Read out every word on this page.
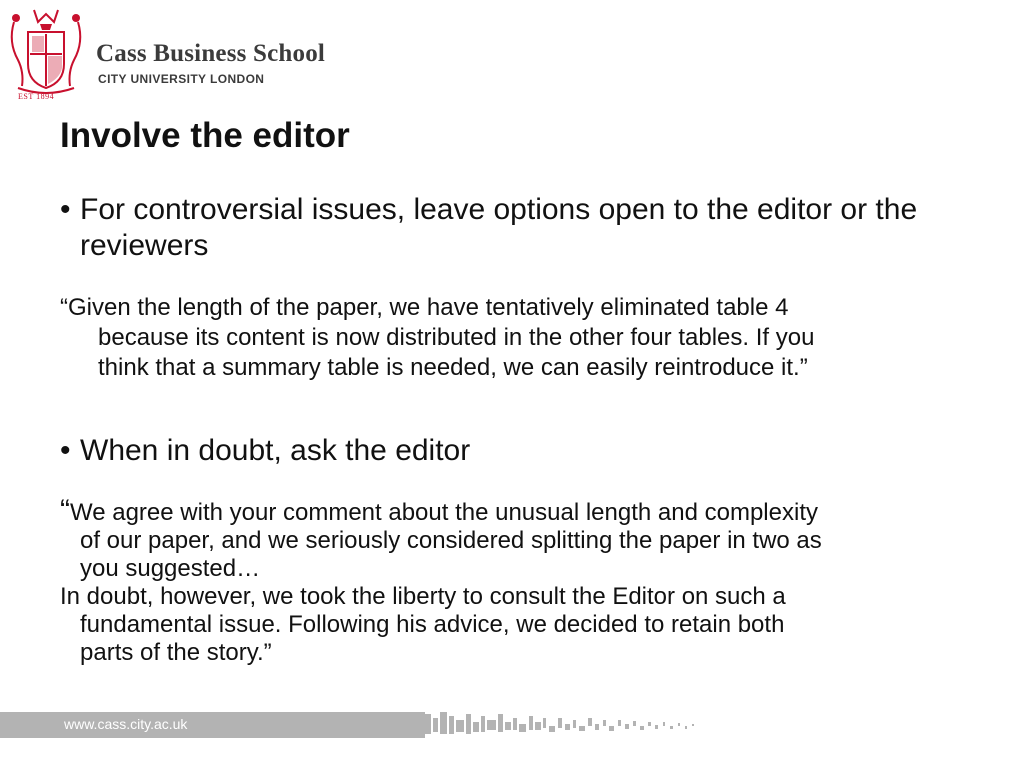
EST 1894
Cass Business School
CITY UNIVERSITY LONDON
Involve the editor
• For controversial issues, leave options open to the editor or the reviewers
“Given the length of the paper, we have tentatively eliminated table 4
because its content is now distributed in the other four tables. If you
think that a summary table is needed, we can easily reintroduce it.”
• When in doubt, ask the editor
“We agree with your comment about the unusual length and complexity
of our paper, and we seriously considered splitting the paper in two as
you suggested…
In doubt, however, we took the liberty to consult the Editor on such a
fundamental issue. Following his advice, we decided to retain both
parts of the story.”
www.cass.city.ac.uk
